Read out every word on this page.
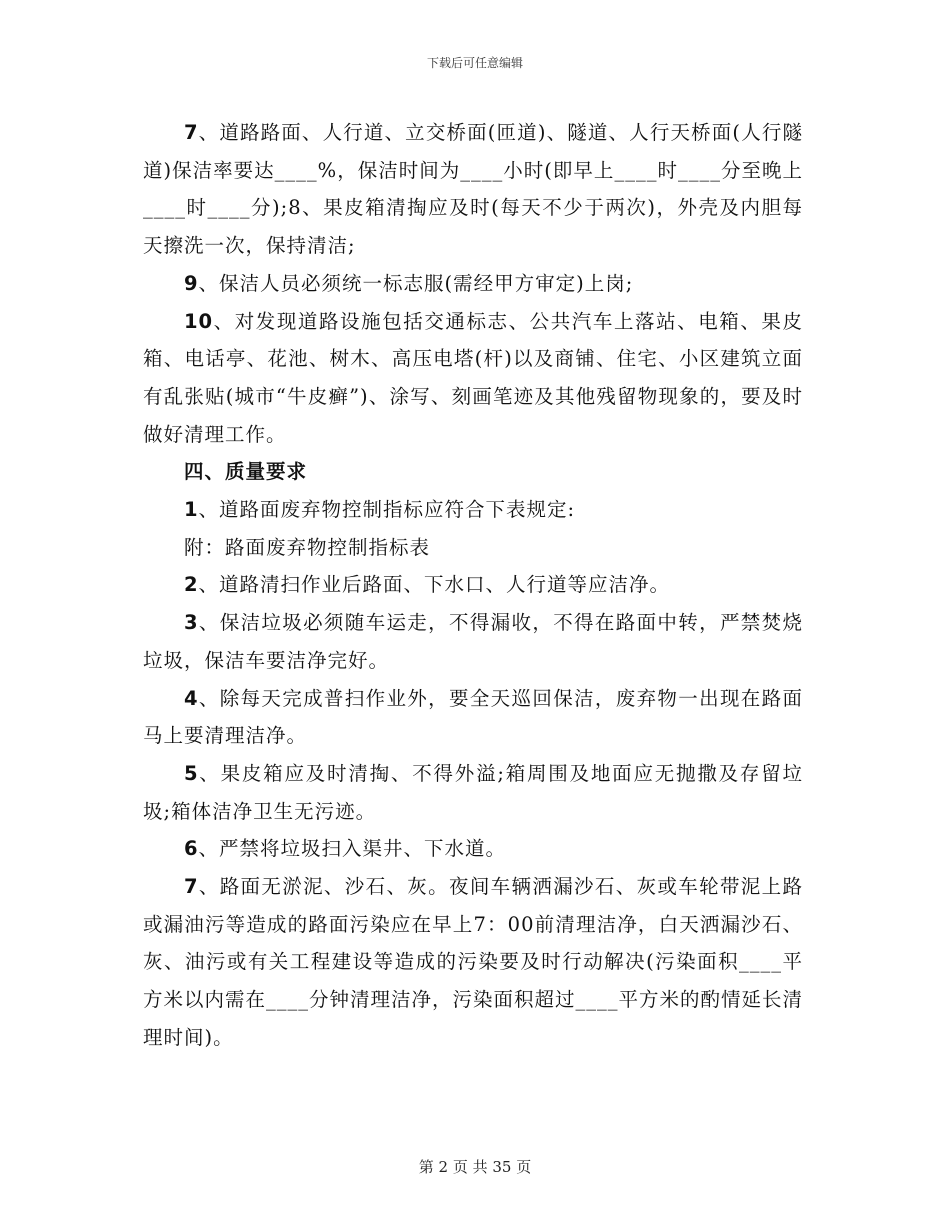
下载后可任意编辑

7、道路路面、人行道、立交桥面(匝道)、隧道、人行天桥面(人行隧道)保洁率要达____%，保洁时间为____小时(即早上____时____分至晚上____时____分);8、果皮箱清掏应及时(每天不少于两次)，外壳及内胆每天擦洗一次，保持清洁;

9、保洁人员必须统一标志服(需经甲方审定)上岗;

10、对发现道路设施包括交通标志、公共汽车上落站、电箱、果皮箱、电话亭、花池、树木、高压电塔(杆)以及商铺、住宅、小区建筑立面有乱张贴(城市“牛皮癣”)、涂写、刻画笔迹及其他残留物现象的，要及时做好清理工作。

四、质量要求

1、道路面废弃物控制指标应符合下表规定:

附：路面废弃物控制指标表

2、道路清扫作业后路面、下水口、人行道等应洁净。

3、保洁垃圾必须随车运走，不得漏收，不得在路面中转，严禁焚烧垃圾，保洁车要洁净完好。

4、除每天完成普扫作业外，要全天巡回保洁，废弃物一出现在路面马上要清理洁净。

5、果皮箱应及时清掏、不得外溢;箱周围及地面应无抛撒及存留垃圾;箱体洁净卫生无污迹。

6、严禁将垃圾扫入渠井、下水道。

7、路面无淤泥、沙石、灰。夜间车辆洒漏沙石、灰或车轮带泥上路或漏油污等造成的路面污染应在早上7：00前清理洁净，白天洒漏沙石、灰、油污或有关工程建设等造成的污染要及时行动解决(污染面积____平方米以内需在____分钟清理洁净，污染面积超过____平方米的酌情延长清理时间)。

第 2 页 共 35 页
